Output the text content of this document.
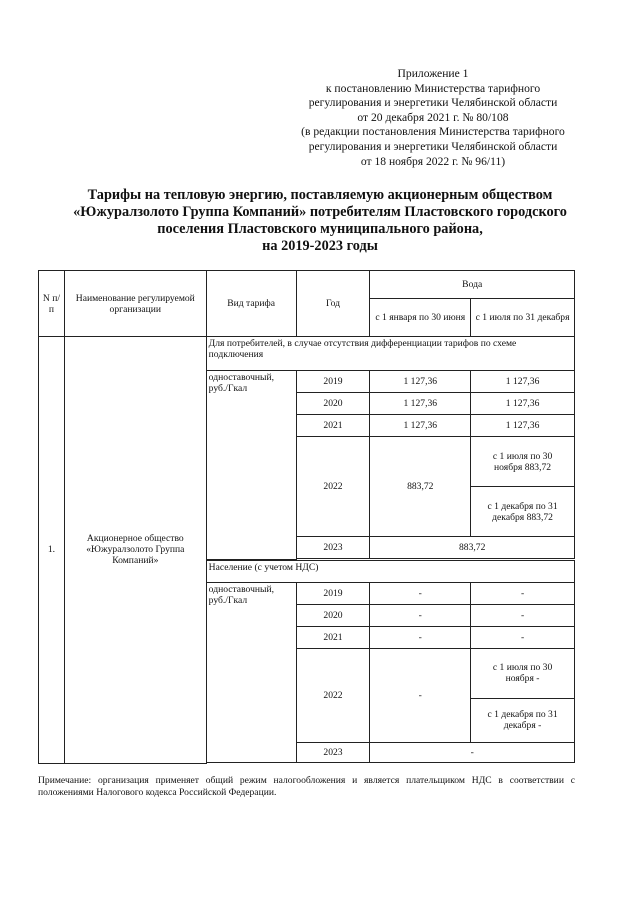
Приложение 1
к постановлению Министерства тарифного
регулирования и энергетики Челябинской области
от 20 декабря 2021 г. № 80/108
(в редакции постановления Министерства тарифного
регулирования и энергетики Челябинской области
от 18 ноября 2022 г. № 96/11)
Тарифы на тепловую энергию, поставляемую акционерным обществом
«Южуралзолото Группа Компаний» потребителям Пластовского городского
поселения Пластовского муниципального района,
на 2019-2023 годы
N п/п	Наименование регулируемой организации	Вид тарифа	Год	Вода	
				с 1 января по 30 июня	с 1 июля по 31 декабря
1.	Акционерное общество «Южуралзолото Группа Компаний»	Для потребителей, в случае отсутствия дифференциации тарифов по схеме подключения			
		одноставочный, руб./Гкал	2019	1 127,36	1 127,36
			2020	1 127,36	1 127,36
			2021	1 127,36	1 127,36
			2022	883,72	с 1 июля по 30 ноября 883,72
					с 1 декабря по 31 декабря 883,72
			2023	883,72	

		Население (с учетом НДС)			
		одноставочный, руб./Гкал	2019	-	-
			2020	-	-
			2021	-	-
			2022	-	с 1 июля по 30 ноября -
					с 1 декабря по 31 декабря -
			2023	-	

Примечание: организация применяет общий режим налогообложения и является плательщиком НДС в соответствии с положениями Налогового кодекса Российской Федерации.
